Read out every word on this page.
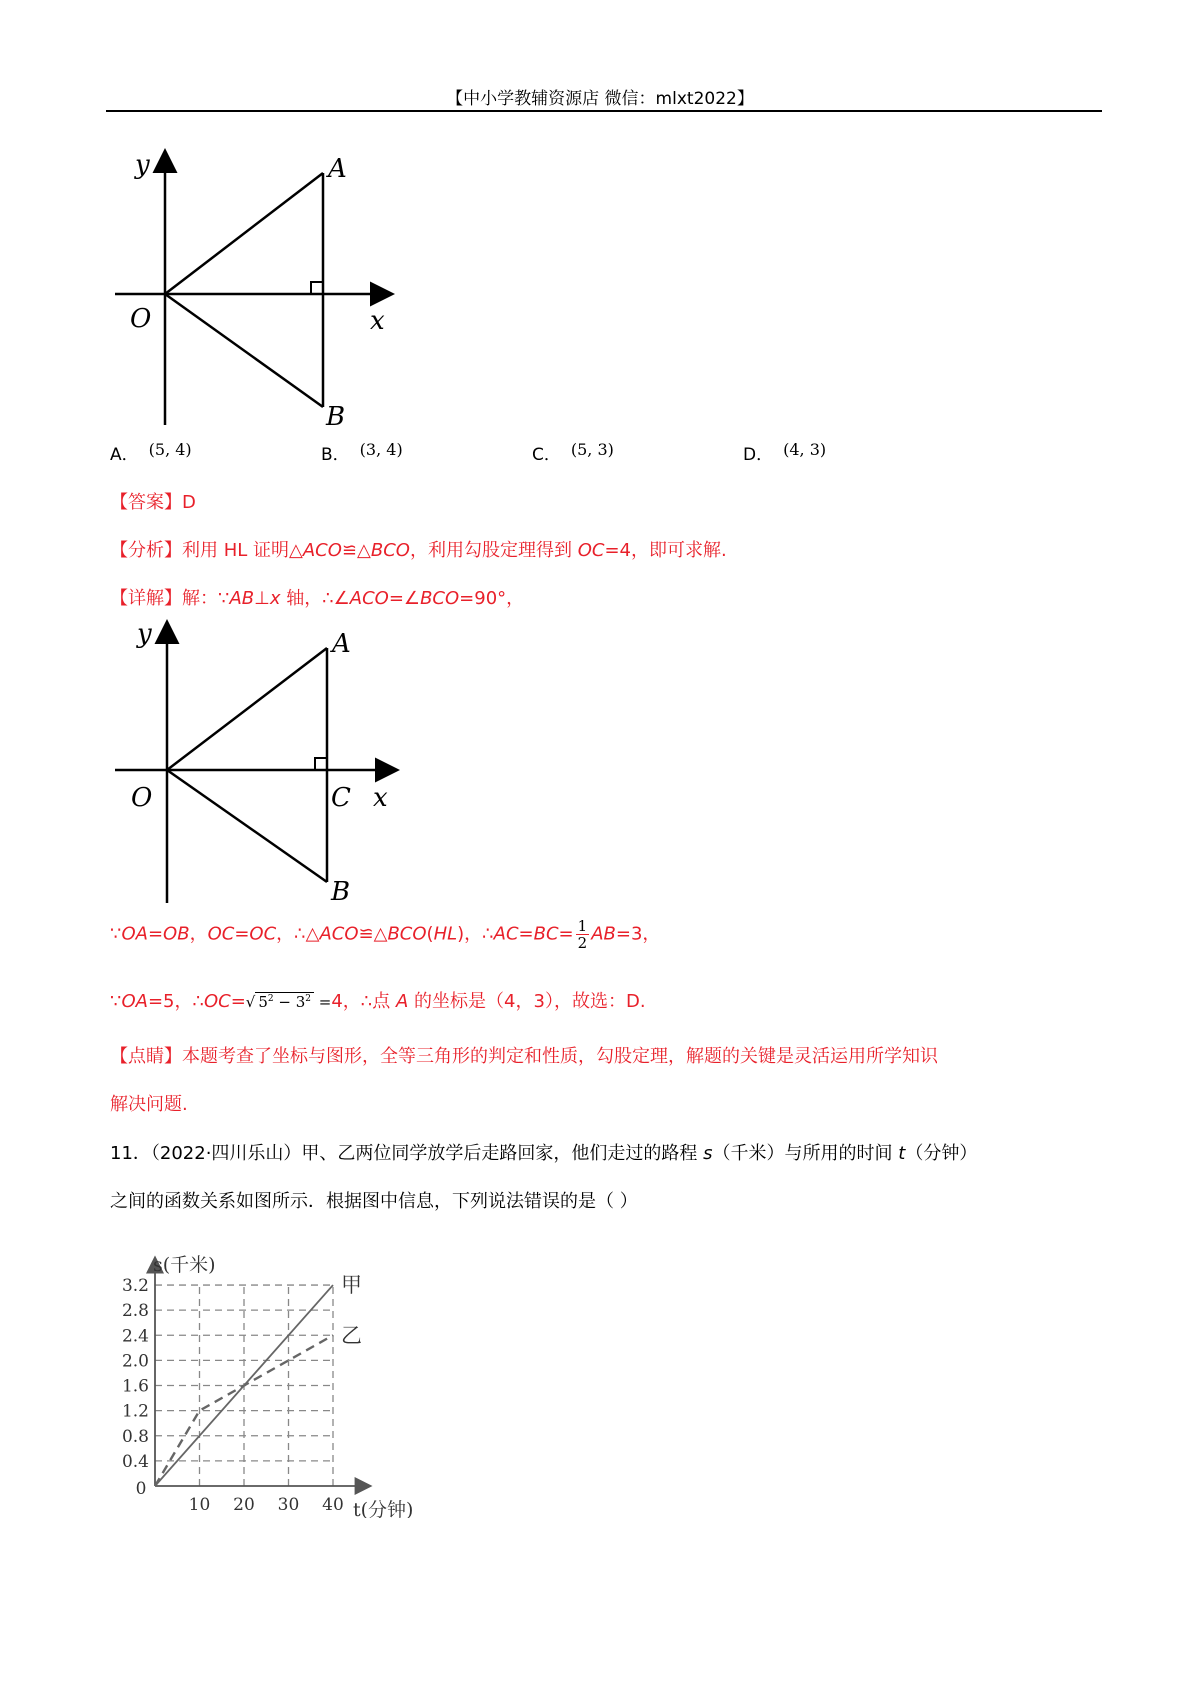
【中小学教辅资源店 微信：mlxt2022】
y	A
O	x
B
A． (5, 4)	B． (3, 4)	C． (5, 3)	D． (4, 3)
【答案】D
【分析】利用 HL 证明△ACO≌△BCO，利用勾股定理得到 OC=4，即可求解.
【详解】解：∵AB⊥x 轴，∴∠ACO=∠BCO=90°，
y	A
O	C x
B
∵OA=OB，OC=OC，∴△ACO≌△BCO(HL)，∴AC=BC= $\frac{1}{2} AB=3$，
∵OA=5，∴OC=√ $5^2 - 3^2 =4$，∴点 A 的坐标是（4，3），故选：D.
【点睛】本题考查了坐标与图形，全等三角形的判定和性质，勾股定理，解题的关键是灵活运用所学知识
解决问题.
11．（2022·四川乐山）甲、乙两位同学放学后走路回家，他们走过的路程 s（千米）与所用的时间 t（分钟）
之间的函数关系如图所示．根据图中信息，下列说法错误的是（ ）
3.2
2.8
2.4
2.0
1.6
1.2
0.8
0.4
10 20 30 40
0
s(千米)
t(分钟)
甲
乙
